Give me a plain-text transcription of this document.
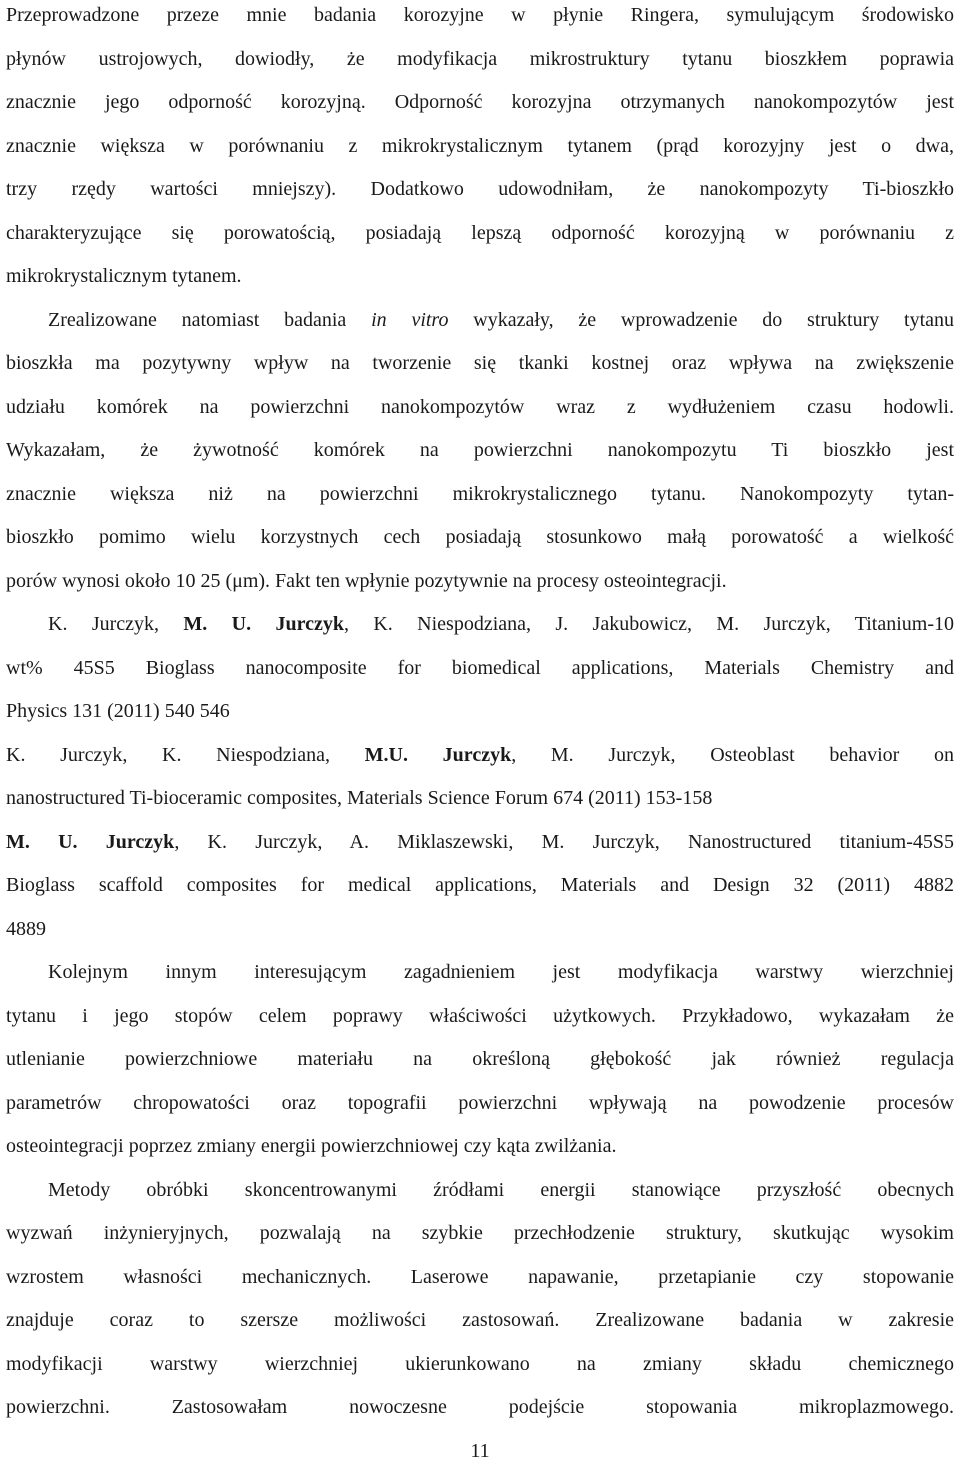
Przeprowadzone przeze mnie badania korozyjne w płynie Ringera, symulującym środowisko
płynów ustrojowych, dowiodły, że modyfikacja mikrostruktury tytanu bioszkłem poprawia
znacznie jego odporność korozyjną. Odporność korozyjna otrzymanych nanokompozytów jest
znacznie większa w porównaniu z mikrokrystalicznym tytanem (prąd korozyjny jest o dwa,
trzy rzędy wartości mniejszy). Dodatkowo udowodniłam, że nanokompozyty Ti-bioszkło
charakteryzujące się porowatością, posiadają lepszą odporność korozyjną w porównaniu z
mikrokrystalicznym tytanem.
Zrealizowane natomiast badania in vitro wykazały, że wprowadzenie do struktury tytanu
bioszkła ma pozytywny wpływ na tworzenie się tkanki kostnej oraz wpływa na zwiększenie
udziału komórek na powierzchni nanokompozytów wraz z wydłużeniem czasu hodowli.
Wykazałam, że żywotność komórek na powierzchni nanokompozytu Ti bioszkło jest
znacznie większa niż na powierzchni mikrokrystalicznego tytanu. Nanokompozyty tytan-
bioszkło pomimo wielu korzystnych cech posiadają stosunkowo małą porowatość a wielkość
porów wynosi około 10 25 (μm). Fakt ten wpłynie pozytywnie na procesy osteointegracji.
K. Jurczyk, M. U. Jurczyk, K. Niespodziana, J. Jakubowicz, M. Jurczyk, Titanium-10
wt% 45S5 Bioglass nanocomposite for biomedical applications, Materials Chemistry and
Physics 131 (2011) 540 546
K. Jurczyk, K. Niespodziana, M.U. Jurczyk, M. Jurczyk, Osteoblast behavior on
nanostructured Ti-bioceramic composites, Materials Science Forum 674 (2011) 153-158
M. U. Jurczyk, K. Jurczyk, A. Miklaszewski, M. Jurczyk, Nanostructured titanium-45S5
Bioglass scaffold composites for medical applications, Materials and Design 32 (2011) 4882
4889
Kolejnym innym interesującym zagadnieniem jest modyfikacja warstwy wierzchniej
tytanu i jego stopów celem poprawy właściwości użytkowych. Przykładowo, wykazałam że
utlenianie powierzchniowe materiału na określoną głębokość jak również regulacja
parametrów chropowatości oraz topografii powierzchni wpływają na powodzenie procesów
osteointegracji poprzez zmiany energii powierzchniowej czy kąta zwilżania.
Metody obróbki skoncentrowanymi źródłami energii stanowiące przyszłość obecnych
wyzwań inżynieryjnych, pozwalają na szybkie przechłodzenie struktury, skutkując wysokim
wzrostem własności mechanicznych. Laserowe napawanie, przetapianie czy stopowanie
znajduje coraz to szersze możliwości zastosowań. Zrealizowane badania w zakresie
modyfikacji warstwy wierzchniej ukierunkowano na zmiany składu chemicznego
powierzchni. Zastosowałam nowoczesne podejście stopowania mikroplazmowego.
11
